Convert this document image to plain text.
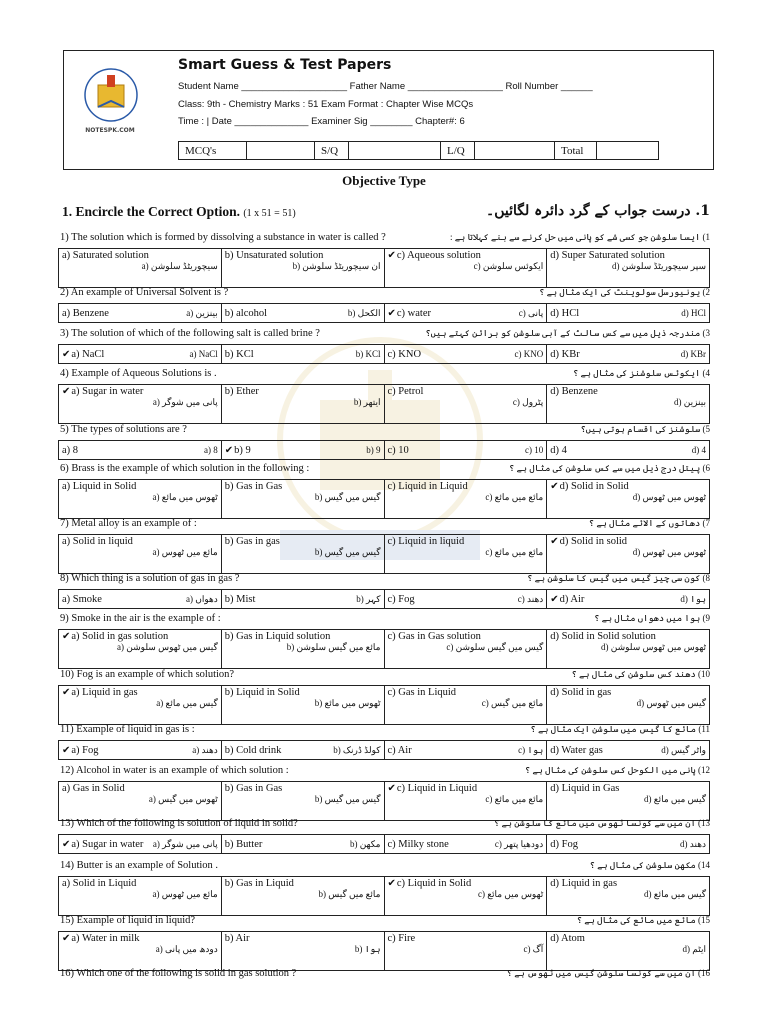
NOTESPK.COM
Smart Guess & Test Papers
Student Name ____________________ Father Name __________________ Roll Number ______
Class: 9th - Chemistry Marks : 51 Exam Format : Chapter Wise MCQs
Time : | Date ______________ Examiner Sig ________ Chapter#: 6
MCQ's		S/Q		L/Q		Total	
Objective Type
1. Encircle the Correct Option. (1 x 51 = 51)	1. درست جواب کے گرد دائرہ لگائیں۔
1) The solution which is formed by dissolving a substance in water is called ?	1) ایسا سلوشن جو کسی شے کو پانی میں حل کرنے سے بنے کہلاتا ہے :
a) Saturated solution
سیچوریٹڈ سلوشن (a
b) Unsaturated solution
ان سیچوریٹڈ سلوشن (b
✔ c) Aqueous solution
ایکوئس سلوشن (c
d) Super Saturated solution
سپر سیچوریٹڈ سلوشن (d
2) An example of Universal Solvent is ?	2) یونیورسل سولوینٹ کی ایک مثال ہے ؟
a) Benzene	بینزین (a b) alcohol	الکحل (b	✔ c) water	پانی (c d) HCl	d) HCl
3) The solution of which of the following salt is called brine ?	3) مندرجہ ذیل میں سے کس سالٹ کے آبی سلوشن کو برائن کہتے ہیں؟
✔ a) NaCl	a) NaCl b) KCl	b) KCl c) KNO	c) KNO d) KBr	d) KBr
4) Example of Aqueous Solutions is .	4) ایکوئس سلوشنز کی مثال ہے ؟
✔ a) Sugar in water
پانی میں شوگر (a
b) Ether
ایتھر (b
c) Petrol
پٹرول (c
d) Benzene
بینزین (d
5) The types of solutions are ?	5) سلوشنز کی اقسام ہوتی ہیں؟
a) 8	a) 8	✔ b) 9	b) 9 c) 10	c) 10 d) 4	d) 4
6) Brass is the example of which solution in the following :	6) پیتل درج ذیل میں سے کس سلوشن کی مثال ہے ؟
a) Liquid in Solid
ٹھوس میں مائع (a
b) Gas in Gas
گیس میں گیس (b
c) Liquid in Liquid
مائع میں مائع (c
✔ d) Solid in Solid
ٹھوس میں ٹھوس (d
7) Metal alloy is an example of :	7) دھاتوں کے الائے مثال ہے ؟
a) Solid in liquid
مائع میں ٹھوس (a
b) Gas in gas
گیس میں گیس (b
c) Liquid in liquid
مائع میں مائع (c
✔ d) Solid in solid
ٹھوس میں ٹھوس (d
8) Which thing is a solution of gas in gas ?	8) کون سی چیز گیس میں گیس کا سلوشن ہے ؟
a) Smoke	دھواں (a b) Mist	کہر (b c) Fog	دھند (c	✔ d) Air	ہوا (d
9) Smoke in the air is the example of :	9) ہوا میں دھواں مثال ہے ؟
✔ a) Solid in gas solution
گیس میں ٹھوس سلوشن (a
b) Gas in Liquid solution
مائع میں گیس سلوشن (b
c) Gas in Gas solution
گیس میں گیس سلوشن (c
d) Solid in Solid solution
ٹھوس میں ٹھوس سلوشن (d
10) Fog is an example of which solution?	10) دھند کس سلوشن کی مثال ہے ؟
✔ a) Liquid in gas
گیس میں مائع (a
b) Liquid in Solid
ٹھوس میں مائع (b
c) Gas in Liquid
مائع میں گیس (c
d) Solid in gas
گیس میں ٹھوس (d
11) Example of liquid in gas is :	11) مائع کا گیس میں سلوشن ایک مثال ہے ؟
✔ a) Fog	دھند (a b) Cold drink	کولڈ ڈرنک (b c) Air	ہوا (c d) Water gas	واٹر گیس (d
12) Alcohol in water is an example of which solution :	12) پانی میں الکوحل کس سلوشن کی مثال ہے ؟
a) Gas in Solid
ٹھوس میں گیس (a
b) Gas in Gas
گیس میں گیس (b
✔ c) Liquid in Liquid
مائع میں مائع (c
d) Liquid in Gas
گیس میں مائع (d
13) Which of the following is solution of liquid in solid?	13) ان میں سے کونسا ٹھوس میں مائع کا سلوشن ہے ؟
✔ a) Sugar in water پانی میں شوگر (a b) Butter	مکھن (b c) Milky stone	دودھیا پتھر (c d) Fog	دھند (d
14) Butter is an example of Solution .	14) مکھن سلوشن کی مثال ہے ؟
a) Solid in Liquid
مائع میں ٹھوس (a
b) Gas in Liquid
مائع میں گیس (b
✔ c) Liquid in Solid
ٹھوس میں مائع (c
d) Liquid in gas
گیس میں مائع (d
15) Example of liquid in liquid?	15) مائع میں مائع کی مثال ہے ؟
✔ a) Water in milk
دودھ میں پانی (a
b) Air
ہوا (b
c) Fire
آگ (c
d) Atom
ایٹم (d
16) Which one of the following is solid in gas solution ?	16) ان میں سے کونسا سلوشن گیس میں ٹھوس ہے ؟
